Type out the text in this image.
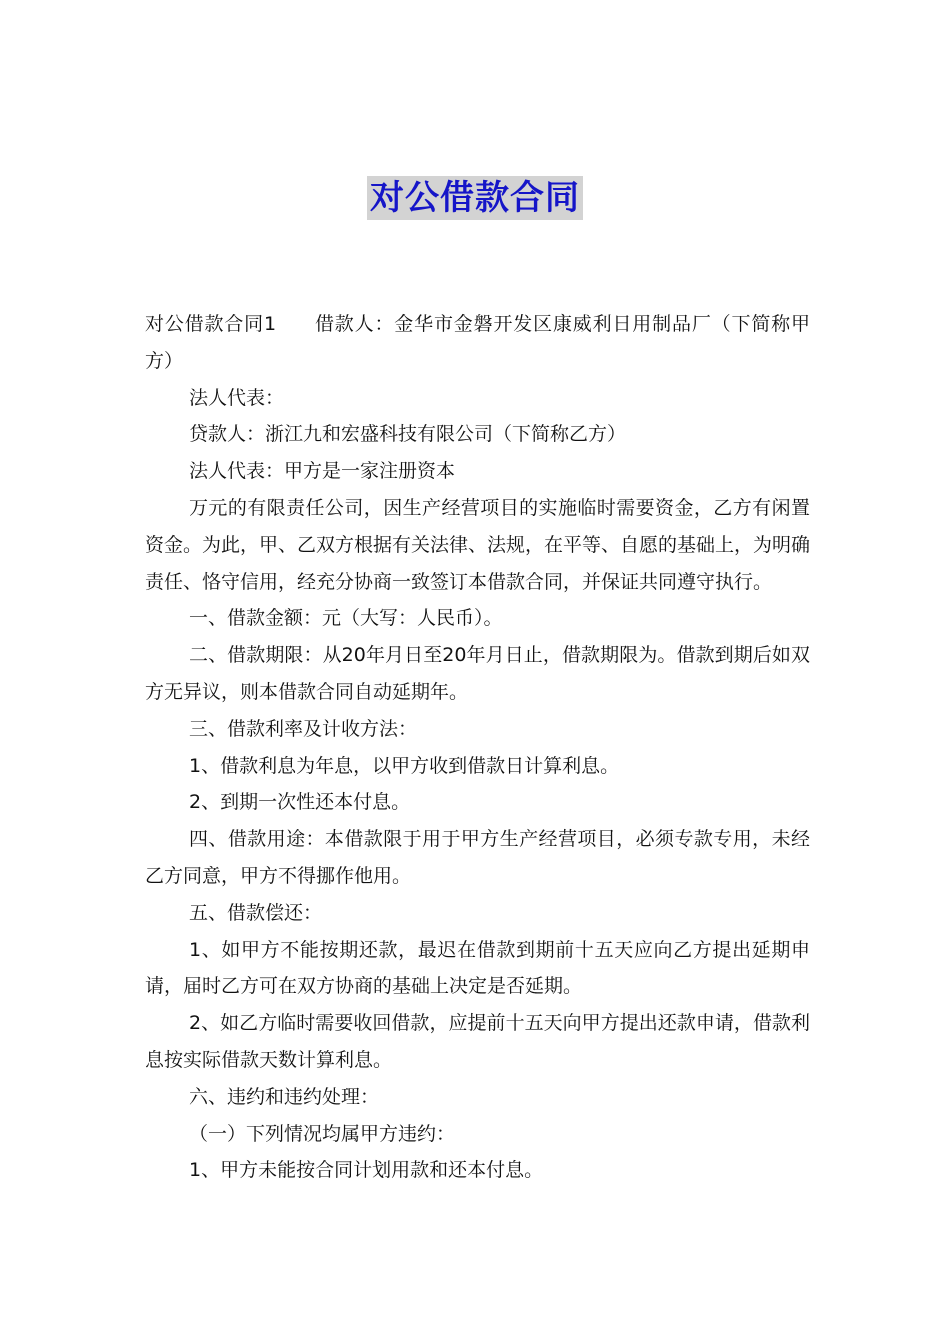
对公借款合同

对公借款合同1 借款人：金华市金磐开发区康威利日用制品厂（下简称甲方）

法人代表：

贷款人：浙江九和宏盛科技有限公司（下简称乙方）

法人代表：甲方是一家注册资本

万元的有限责任公司，因生产经营项目的实施临时需要资金，乙方有闲置资金。为此，甲、乙双方根据有关法律、法规，在平等、自愿的基础上，为明确责任、恪守信用，经充分协商一致签订本借款合同，并保证共同遵守执行。

一、借款金额：元（大写：人民币）。

二、借款期限：从20年月日至20年月日止，借款期限为。借款到期后如双方无异议，则本借款合同自动延期年。

三、借款利率及计收方法：

1、借款利息为年息，以甲方收到借款日计算利息。

2、到期一次性还本付息。

四、借款用途：本借款限于用于甲方生产经营项目，必须专款专用，未经乙方同意，甲方不得挪作他用。

五、借款偿还：

1、如甲方不能按期还款，最迟在借款到期前十五天应向乙方提出延期申请，届时乙方可在双方协商的基础上决定是否延期。

2、如乙方临时需要收回借款，应提前十五天向甲方提出还款申请，借款利息按实际借款天数计算利息。

六、违约和违约处理：

（一）下列情况均属甲方违约：

1、甲方未能按合同计划用款和还本付息。
